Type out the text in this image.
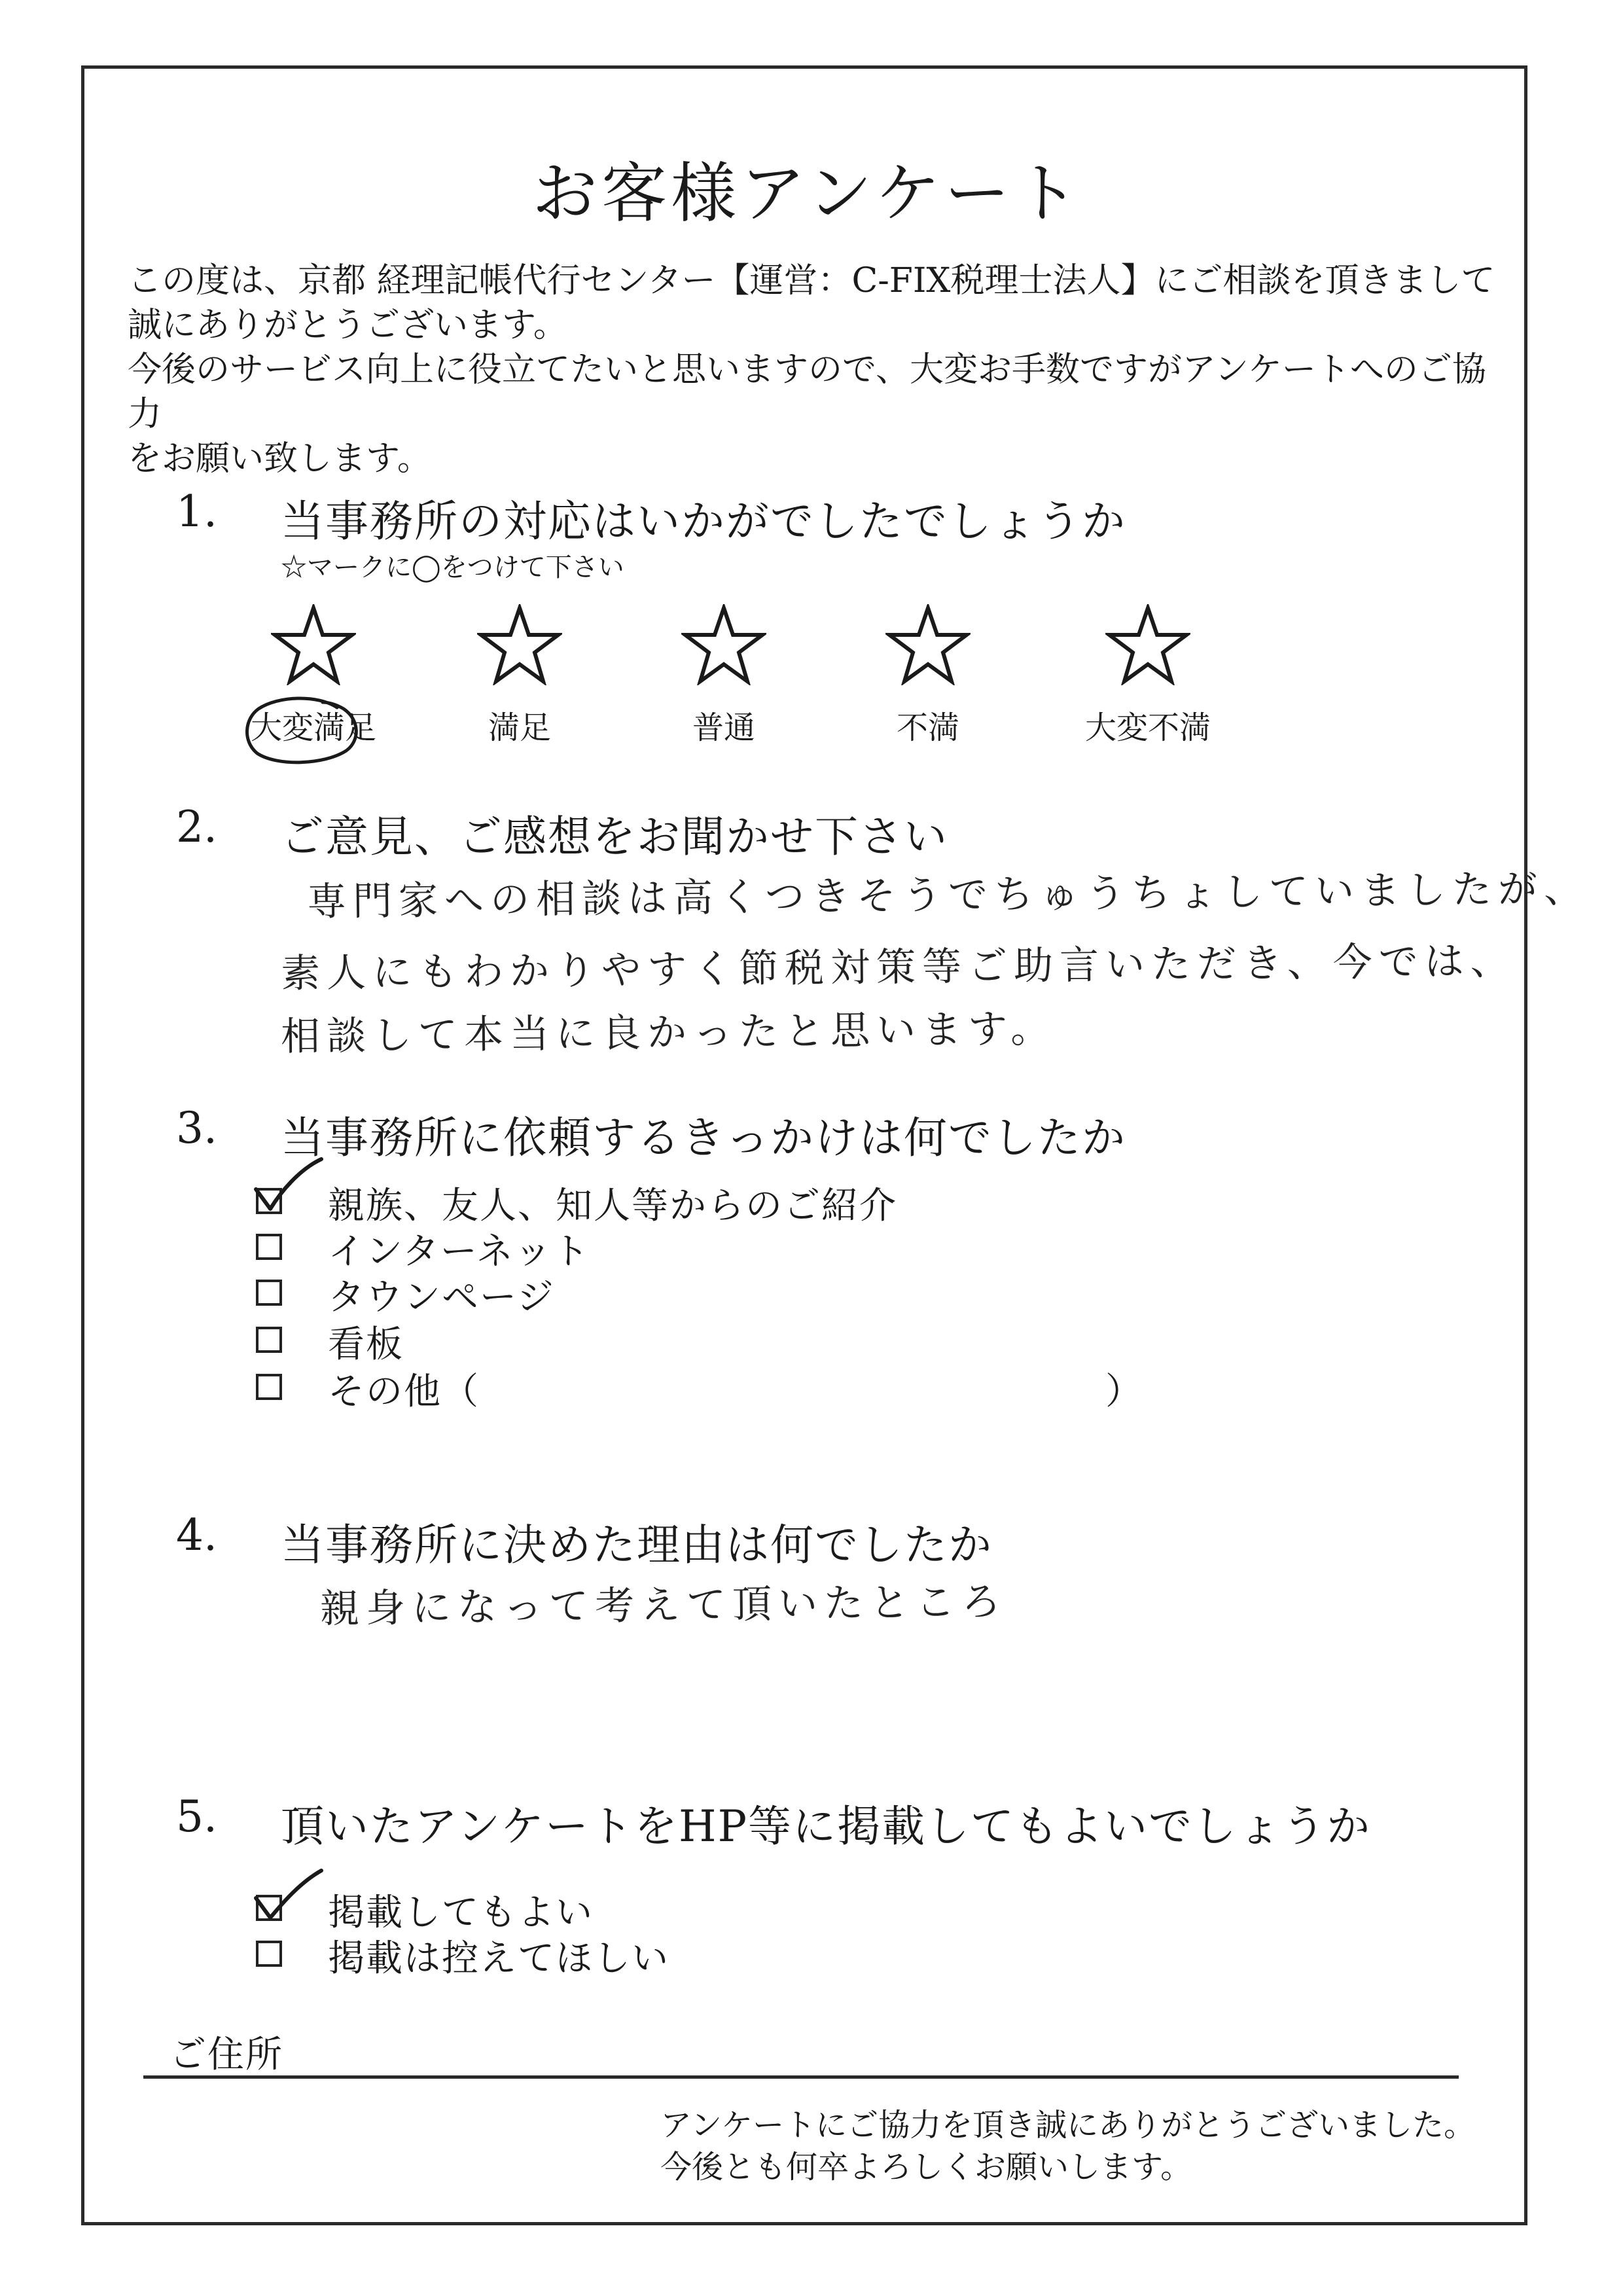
お客様アンケート
この度は、京都 経理記帳代行センター【運営：C-FIX税理士法人】にご相談を頂きまして
誠にありがとうございます。
今後のサービス向上に役立てたいと思いますので、大変お手数ですがアンケートへのご協力
をお願い致します。
1. 当事務所の対応はいかがでしたでしょうか
☆マークに◯をつけて下さい
大変満足	満足	普通	不満	大変不満
2. ご意見、ご感想をお聞かせ下さい
専門家への相談は高くつきそうでちゅうちょしていましたが、
素人にもわかりやすく節税対策等ご助言いただき、今では、
相談して本当に良かったと思います。
3. 当事務所に依頼するきっかけは何でしたか
親族、友人、知人等からのご紹介
インターネット
タウンページ
看板
その他（	）
4. 当事務所に決めた理由は何でしたか
親身になって考えて頂いたところ
5. 頂いたアンケートをHP等に掲載してもよいでしょうか
掲載してもよい
掲載は控えてほしい
ご住所
アンケートにご協力を頂き誠にありがとうございました。
今後とも何卒よろしくお願いします。
